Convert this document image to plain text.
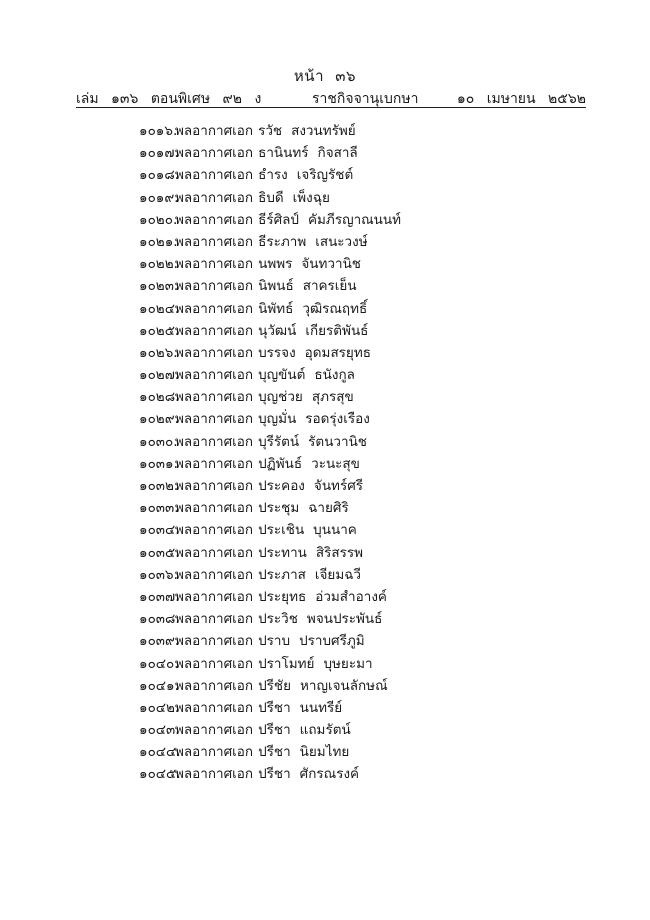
หน้า ๓๖
เล่ม ๑๓๖ ตอนพิเศษ ๙๒ ง	ราชกิจจานุเบกษา	๑๐ เมษายน ๒๕๖๒
๑๐๑๖.พลอากาศเอก รวัช สงวนทรัพย์
๑๐๑๗.พลอากาศเอก ธานินทร์ กิจสาลี
๑๐๑๘.พลอากาศเอก ธำรง เจริญรัชต์
๑๐๑๙.พลอากาศเอก ธิบดี เพ็งฉุย
๑๐๒๐.พลอากาศเอก ธีร์ศิลป์ คัมภีรญาณนนท์
๑๐๒๑.พลอากาศเอก ธีระภาพ เสนะวงษ์
๑๐๒๒.พลอากาศเอก นพพร จันทวานิช
๑๐๒๓.พลอากาศเอก นิพนธ์ สาครเย็น
๑๐๒๔.พลอากาศเอก นิพัทธ์ วุฒิรณฤทธิ์
๑๐๒๕.พลอากาศเอก นุวัฒน์ เกียรติพันธ์
๑๐๒๖.พลอากาศเอก บรรจง อุดมสรยุทธ
๑๐๒๗.พลอากาศเอก บุญขันต์ ธนังกูล
๑๐๒๘.พลอากาศเอก บุญช่วย สุภรสุข
๑๐๒๙.พลอากาศเอก บุญมั่น รอดรุ่งเรือง
๑๐๓๐.พลอากาศเอก บุรีรัตน์ รัตนวานิช
๑๐๓๑.พลอากาศเอก ปฏิพันธ์ วะนะสุข
๑๐๓๒.พลอากาศเอก ประคอง จันทร์ศรี
๑๐๓๓.พลอากาศเอก ประชุม ฉายศิริ
๑๐๓๔.พลอากาศเอก ประเชิน บุนนาค
๑๐๓๕.พลอากาศเอก ประทาน สิริสรรพ
๑๐๓๖.พลอากาศเอก ประภาส เจียมฉวี
๑๐๓๗.พลอากาศเอก ประยุทธ อ่วมสำอางค์
๑๐๓๘.พลอากาศเอก ประวิช พจนประพันธ์
๑๐๓๙.พลอากาศเอก ปราบ ปราบศรีภูมิ
๑๐๔๐.พลอากาศเอก ปราโมทย์ บุษยะมา
๑๐๔๑.พลอากาศเอก ปรีชัย หาญเจนลักษณ์
๑๐๔๒.พลอากาศเอก ปรีชา นนทรีย์
๑๐๔๓.พลอากาศเอก ปรีชา แถมรัตน์
๑๐๔๔.พลอากาศเอก ปรีชา นิยมไทย
๑๐๔๕.พลอากาศเอก ปรีชา ศักรณรงค์
